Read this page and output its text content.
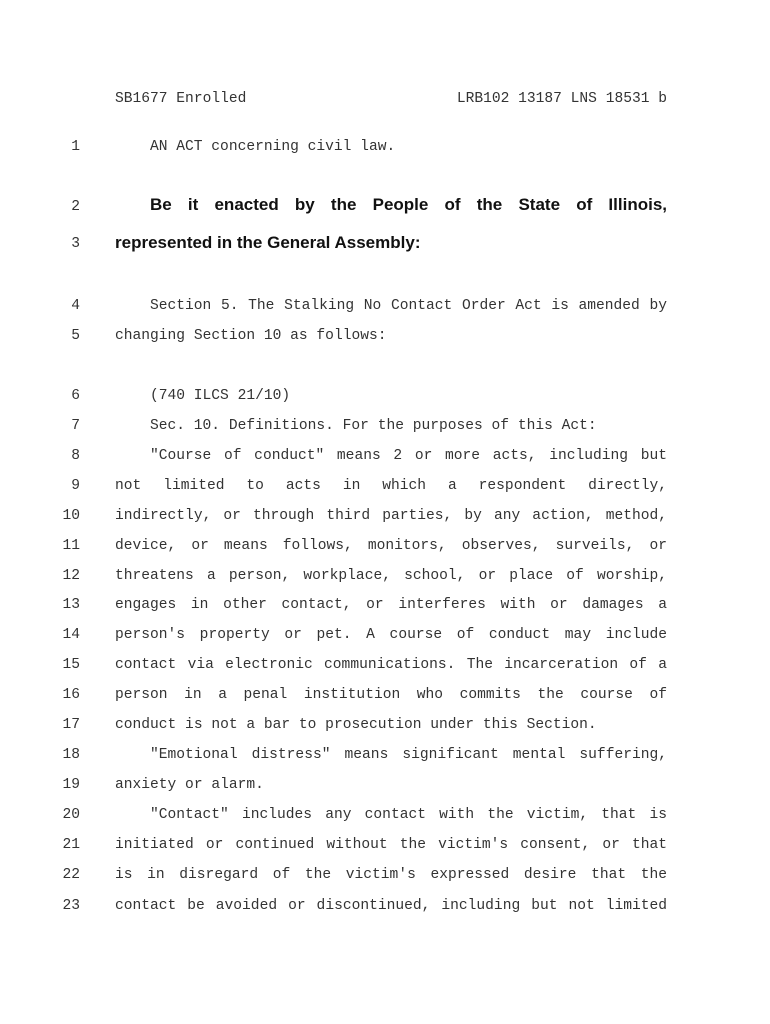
SB1677 Enrolled	LRB102 13187 LNS 18531 b
1	AN ACT concerning civil law.
2	Be it enacted by the People of the State of Illinois,
3 represented in the General Assembly:
4	Section 5. The Stalking No Contact Order Act is amended by
5 changing Section 10 as follows:
6	(740 ILCS 21/10)
7	Sec. 10. Definitions. For the purposes of this Act:
8	"Course of conduct" means 2 or more acts, including but
9 not limited to acts in which a respondent directly,
10 indirectly, or through third parties, by any action, method,
11 device, or means follows, monitors, observes, surveils, or
12 threatens a person, workplace, school, or place of worship,
13 engages in other contact, or interferes with or damages a
14 person's property or pet. A course of conduct may include
15 contact via electronic communications. The incarceration of a
16 person in a penal institution who commits the course of
17 conduct is not a bar to prosecution under this Section.
18	"Emotional distress" means significant mental suffering,
19 anxiety or alarm.
20	"Contact" includes any contact with the victim, that is
21 initiated or continued without the victim's consent, or that
22 is in disregard of the victim's expressed desire that the
23 contact be avoided or discontinued, including but not limited
